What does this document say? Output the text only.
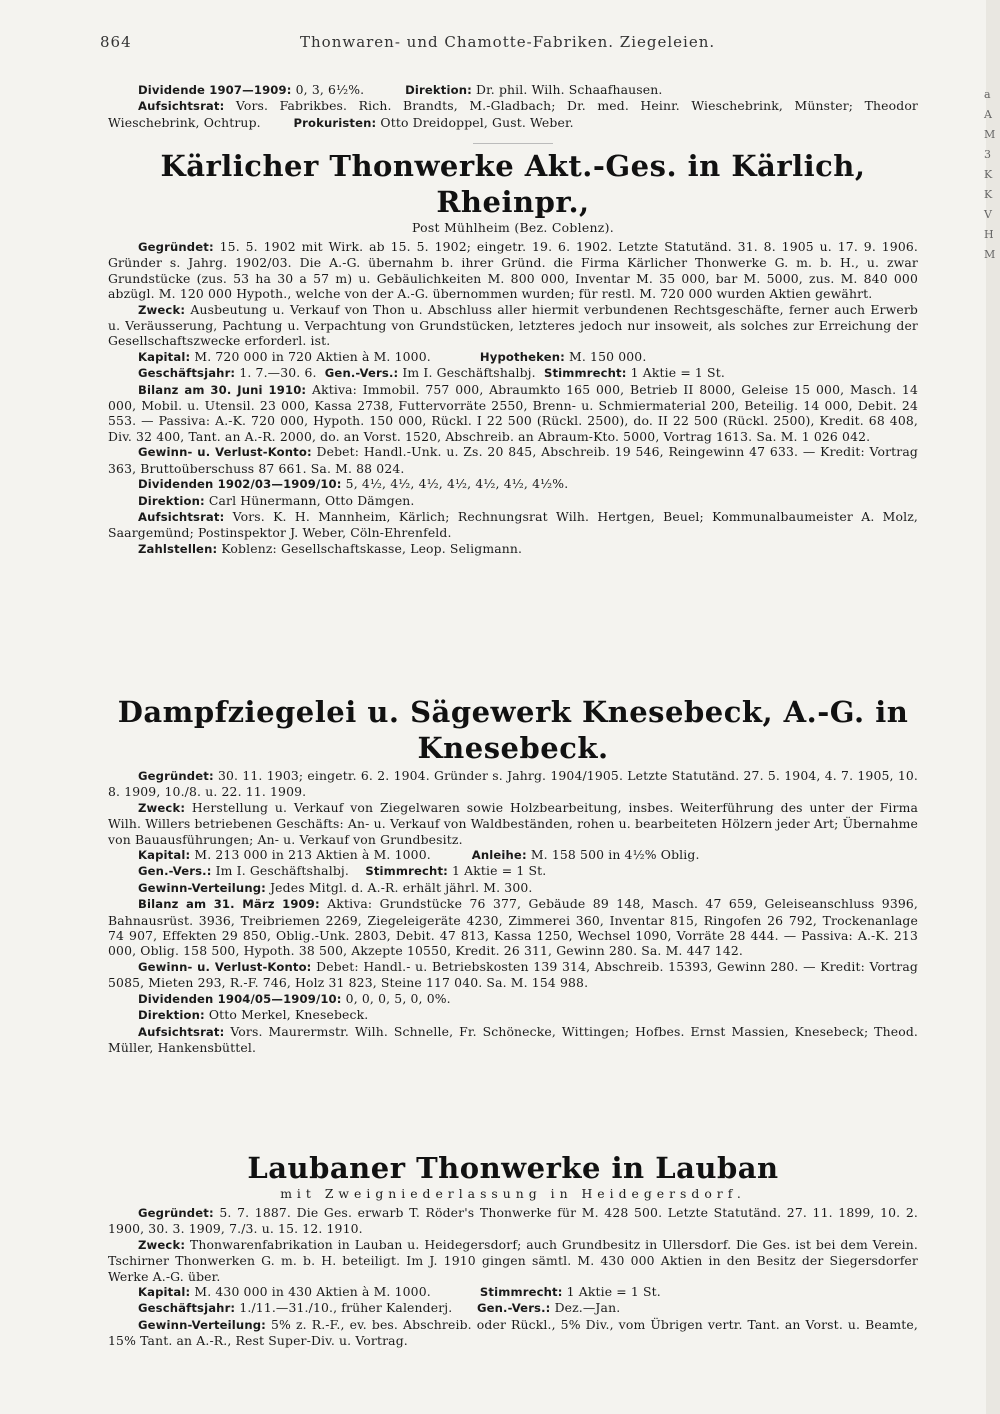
864	Thonwaren- und Chamotte-Fabriken. Ziegeleien.
a
A
M
3
K
K
V
H
M

Dividende 1907—1909: 0, 3, 6½%.	Direktion: Dr. phil. Wilh. Schaafhausen.

Aufsichtsrat: Vors. Fabrikbes. Rich. Brandts, M.-Gladbach; Dr. med. Heinr. Wieschebrink, Münster; Theodor Wieschebrink, Ochtrup.	Prokuristen: Otto Dreidoppel, Gust. Weber.

Kärlicher Thonwerke Akt.-Ges. in Kärlich, Rheinpr.,

Post Mühlheim (Bez. Coblenz).

Gegründet: 15. 5. 1902 mit Wirk. ab 15. 5. 1902; eingetr. 19. 6. 1902. Letzte Statutänd. 31. 8. 1905 u. 17. 9. 1906. Gründer s. Jahrg. 1902/03. Die A.-G. übernahm b. ihrer Gründ. die Firma Kärlicher Thonwerke G. m. b. H., u. zwar Grundstücke (zus. 53 ha 30 a 57 m) u. Gebäulichkeiten M. 800 000, Inventar M. 35 000, bar M. 5000, zus. M. 840 000 abzügl. M. 120 000 Hypoth., welche von der A.-G. übernommen wurden; für restl. M. 720 000 wurden Aktien gewährt.

Zweck: Ausbeutung u. Verkauf von Thon u. Abschluss aller hiermit verbundenen Rechtsgeschäfte, ferner auch Erwerb u. Veräusserung, Pachtung u. Verpachtung von Grundstücken, letzteres jedoch nur insoweit, als solches zur Erreichung der Gesellschaftszwecke erforderl. ist.

Kapital: M. 720 000 in 720 Aktien à M. 1000.	Hypotheken: M. 150 000.

Geschäftsjahr: 1. 7.—30. 6. Gen.-Vers.: Im I. Geschäftshalbj. Stimmrecht: 1 Aktie = 1 St.

Bilanz am 30. Juni 1910: Aktiva: Immobil. 757 000, Abraumkto 165 000, Betrieb II 8000, Geleise 15 000, Masch. 14 000, Mobil. u. Utensil. 23 000, Kassa 2738, Futtervorräte 2550, Brenn- u. Schmiermaterial 200, Beteilig. 14 000, Debit. 24 553. — Passiva: A.-K. 720 000, Hypoth. 150 000, Rückl. I 22 500 (Rückl. 2500), do. II 22 500 (Rückl. 2500), Kredit. 68 408, Div. 32 400, Tant. an A.-R. 2000, do. an Vorst. 1520, Abschreib. an Abraum-Kto. 5000, Vortrag 1613. Sa. M. 1 026 042.

Gewinn- u. Verlust-Konto: Debet: Handl.-Unk. u. Zs. 20 845, Abschreib. 19 546, Reingewinn 47 633. — Kredit: Vortrag 363, Bruttoüberschuss 87 661. Sa. M. 88 024.

Dividenden 1902/03—1909/10: 5, 4½, 4½, 4½, 4½, 4½, 4½, 4½%.

Direktion: Carl Hünermann, Otto Dämgen.

Aufsichtsrat: Vors. K. H. Mannheim, Kärlich; Rechnungsrat Wilh. Hertgen, Beuel; Kommunalbaumeister A. Molz, Saargemünd; Postinspektor J. Weber, Cöln-Ehrenfeld.

Zahlstellen: Koblenz: Gesellschaftskasse, Leop. Seligmann.

Dampfziegelei u. Sägewerk Knesebeck, A.-G. in Knesebeck.

Gegründet: 30. 11. 1903; eingetr. 6. 2. 1904. Gründer s. Jahrg. 1904/1905. Letzte Statutänd. 27. 5. 1904, 4. 7. 1905, 10. 8. 1909, 10./8. u. 22. 11. 1909.

Zweck: Herstellung u. Verkauf von Ziegelwaren sowie Holzbearbeitung, insbes. Weiterführung des unter der Firma Wilh. Willers betriebenen Geschäfts: An- u. Verkauf von Waldbeständen, rohen u. bearbeiteten Hölzern jeder Art; Übernahme von Bauausführungen; An- u. Verkauf von Grundbesitz.

Kapital: M. 213 000 in 213 Aktien à M. 1000.	Anleihe: M. 158 500 in 4½% Oblig.

Gen.-Vers.: Im I. Geschäftshalbj. Stimmrecht: 1 Aktie = 1 St.

Gewinn-Verteilung: Jedes Mitgl. d. A.-R. erhält jährl. M. 300.

Bilanz am 31. März 1909: Aktiva: Grundstücke 76 377, Gebäude 89 148, Masch. 47 659, Geleiseanschluss 9396, Bahnausrüst. 3936, Treibriemen 2269, Ziegeleigeräte 4230, Zimmerei 360, Inventar 815, Ringofen 26 792, Trockenanlage 74 907, Effekten 29 850, Oblig.-Unk. 2803, Debit. 47 813, Kassa 1250, Wechsel 1090, Vorräte 28 444. — Passiva: A.-K. 213 000, Oblig. 158 500, Hypoth. 38 500, Akzepte 10550, Kredit. 26 311, Gewinn 280. Sa. M. 447 142.

Gewinn- u. Verlust-Konto: Debet: Handl.- u. Betriebskosten 139 314, Abschreib. 15393, Gewinn 280. — Kredit: Vortrag 5085, Mieten 293, R.-F. 746, Holz 31 823, Steine 117 040. Sa. M. 154 988.

Dividenden 1904/05—1909/10: 0, 0, 0, 5, 0, 0%.

Direktion: Otto Merkel, Knesebeck.

Aufsichtsrat: Vors. Maurermstr. Wilh. Schnelle, Fr. Schönecke, Wittingen; Hofbes. Ernst Massien, Knesebeck; Theod. Müller, Hankensbüttel.

Laubaner Thonwerke in Lauban

mit Zweigniederlassung in Heidegersdorf.

Gegründet: 5. 7. 1887. Die Ges. erwarb T. Röder's Thonwerke für M. 428 500. Letzte Statutänd. 27. 11. 1899, 10. 2. 1900, 30. 3. 1909, 7./3. u. 15. 12. 1910.

Zweck: Thonwarenfabrikation in Lauban u. Heidegersdorf; auch Grundbesitz in Ullersdorf. Die Ges. ist bei dem Verein. Tschirner Thonwerken G. m. b. H. beteiligt. Im J. 1910 gingen sämtl. M. 430 000 Aktien in den Besitz der Siegersdorfer Werke A.-G. über.

Kapital: M. 430 000 in 430 Aktien à M. 1000.	Stimmrecht: 1 Aktie = 1 St.

Geschäftsjahr: 1./11.—31./10., früher Kalenderj. Gen.-Vers.: Dez.—Jan.

Gewinn-Verteilung: 5% z. R.-F., ev. bes. Abschreib. oder Rückl., 5% Div., vom Übrigen vertr. Tant. an Vorst. u. Beamte, 15% Tant. an A.-R., Rest Super-Div. u. Vortrag.
